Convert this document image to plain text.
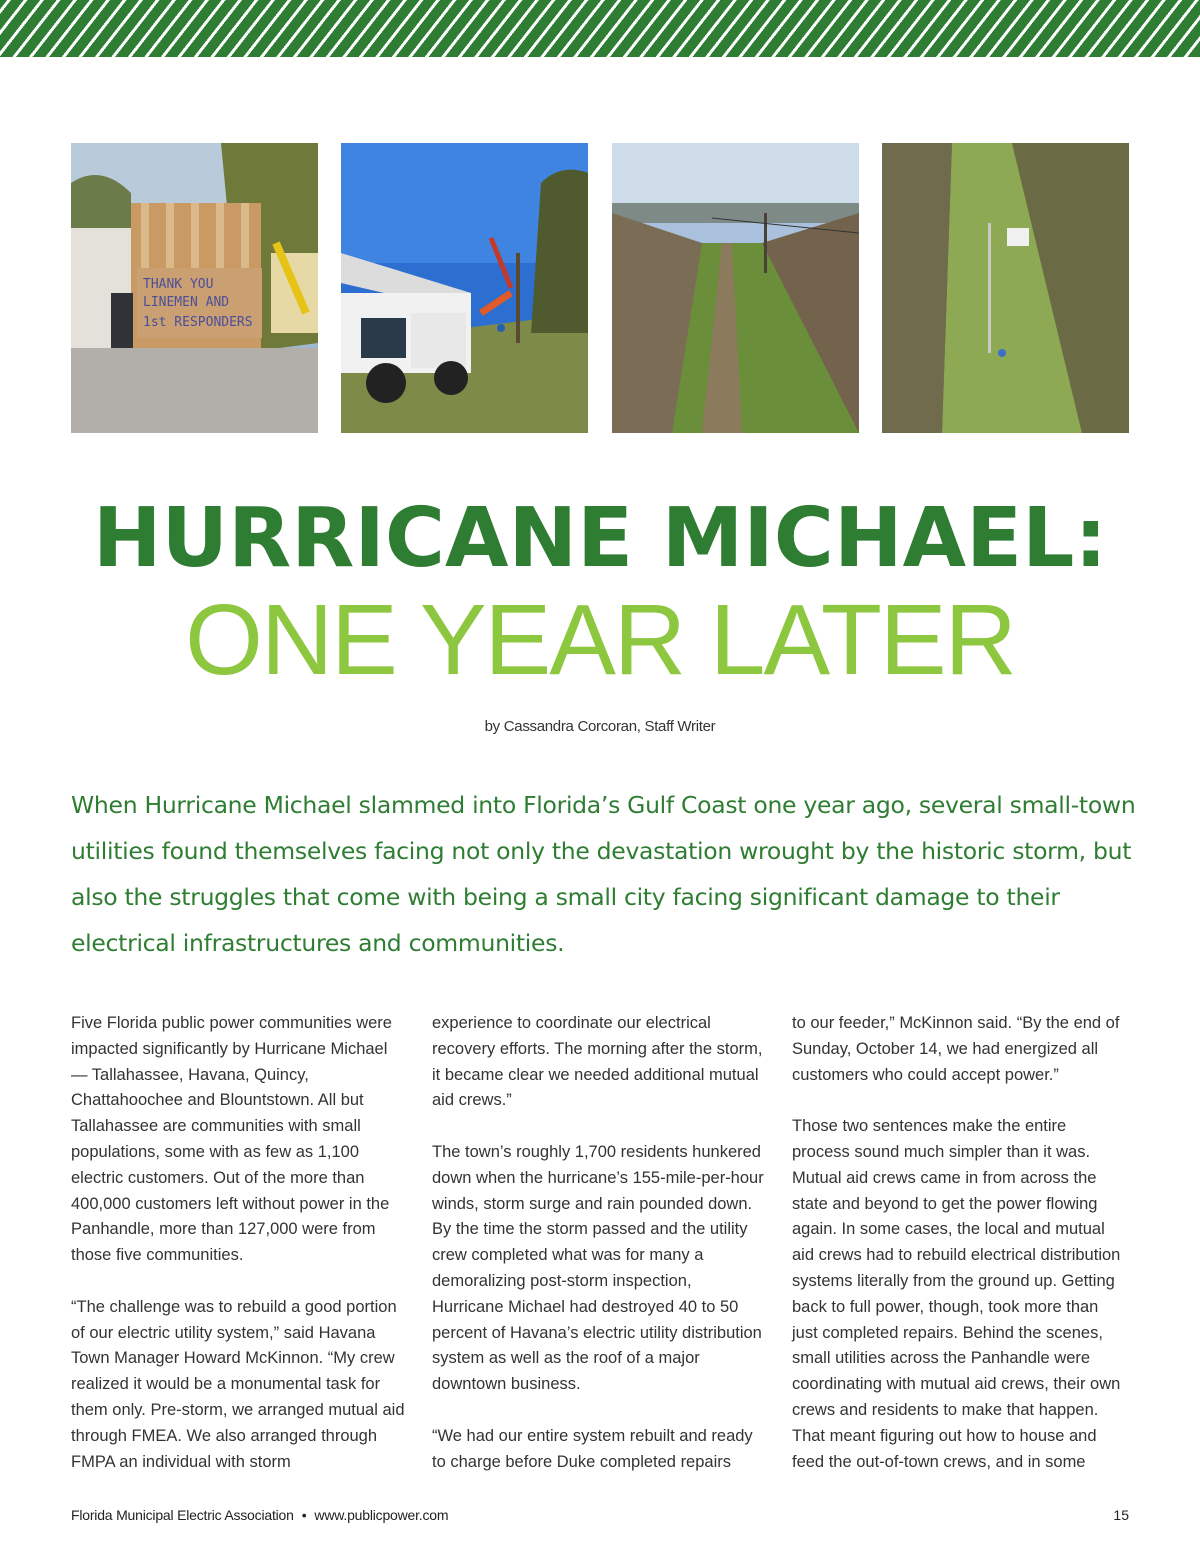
THANK YOU
LINEMEN AND
1st RESPONDERS
HURRICANE MICHAEL:
ONE YEAR LATER
by Cassandra Corcoran, Staff Writer
When Hurricane Michael slammed into Florida’s Gulf Coast one year ago, several small-town utilities found themselves facing not only the devastation wrought by the historic storm, but also the struggles that come with being a small city facing significant damage to their electrical infrastructures and communities.

Five Florida public power communities were impacted significantly by Hurricane Michael — Tallahassee, Havana, Quincy, Chattahoochee and Blountstown. All but Tallahassee are communities with small populations, some with as few as 1,100 electric customers. Out of the more than 400,000 customers left without power in the Panhandle, more than 127,000 were from those five communities.

“The challenge was to rebuild a good portion of our electric utility system,” said Havana Town Manager Howard McKinnon. “My crew realized it would be a monumental task for them only. Pre-storm, we arranged mutual aid through FMEA. We also arranged through FMPA an individual with storm

experience to coordinate our electrical recovery efforts. The morning after the storm, it became clear we needed additional mutual aid crews.”

The town’s roughly 1,700 residents hunkered down when the hurricane’s 155-mile-per-hour winds, storm surge and rain pounded down. By the time the storm passed and the utility crew completed what was for many a demoralizing post-storm inspection, Hurricane Michael had destroyed 40 to 50 percent of Havana’s electric utility distribution system as well as the roof of a major downtown business.

“We had our entire system rebuilt and ready to charge before Duke completed repairs

to our feeder,” McKinnon said. “By the end of Sunday, October 14, we had energized all customers who could accept power.”

Those two sentences make the entire process sound much simpler than it was. Mutual aid crews came in from across the state and beyond to get the power flowing again. In some cases, the local and mutual aid crews had to rebuild electrical distribution systems literally from the ground up. Getting back to full power, though, took more than just completed repairs. Behind the scenes, small utilities across the Panhandle were coordinating with mutual aid crews, their own crews and residents to make that happen. That meant figuring out how to house and feed the out-of-town crews, and in some

Florida Municipal Electric Association • www.publicpower.com	15
